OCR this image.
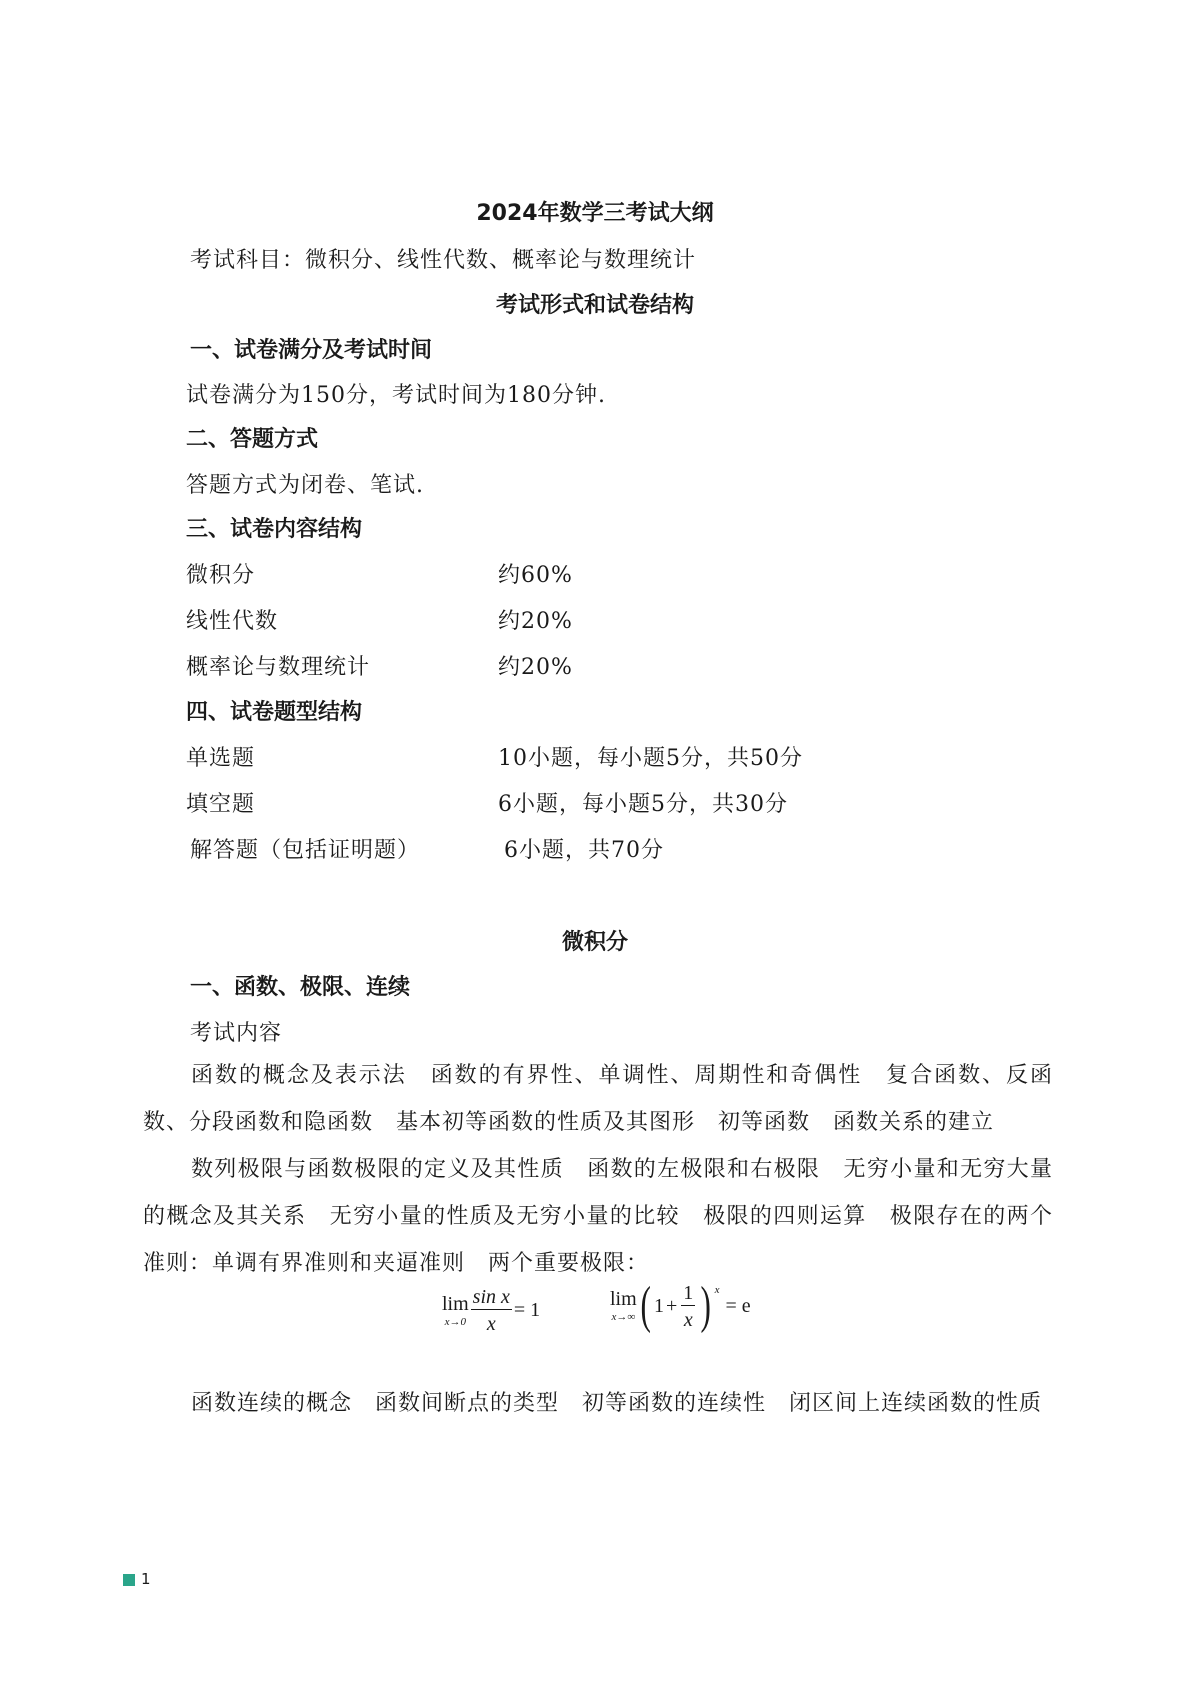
2024年数学三考试大纲
考试科目：微积分、线性代数、概率论与数理统计
考试形式和试卷结构
一、试卷满分及考试时间
试卷满分为150分，考试时间为180分钟.
二、答题方式
答题方式为闭卷、笔试.
三、试卷内容结构
微积分	约60%
线性代数	约20%
概率论与数理统计	约20%
四、试卷题型结构
单选题	10小题，每小题5分，共50分
填空题	6小题，每小题5分，共30分
解答题（包括证明题）	6小题，共70分
微积分
一、函数、极限、连续
考试内容
函数的概念及表示法　函数的有界性、单调性、周期性和奇偶性　复合函数、反函数、分段函数和隐函数　基本初等函数的性质及其图形　初等函数　函数关系的建立
数列极限与函数极限的定义及其性质　函数的左极限和右极限　无穷小量和无穷大量的概念及其关系　无穷小量的性质及无穷小量的比较　极限的四则运算　极限存在的两个准则：单调有界准则和夹逼准则　两个重要极限：
lim
$x\to 0 \frac{\text{sin x}}{x} = 1$	lim
x→∞ ( $1 + \frac{1}{x}$ ) x
= e
函数连续的概念　函数间断点的类型　初等函数的连续性　闭区间上连续函数的性质
1
